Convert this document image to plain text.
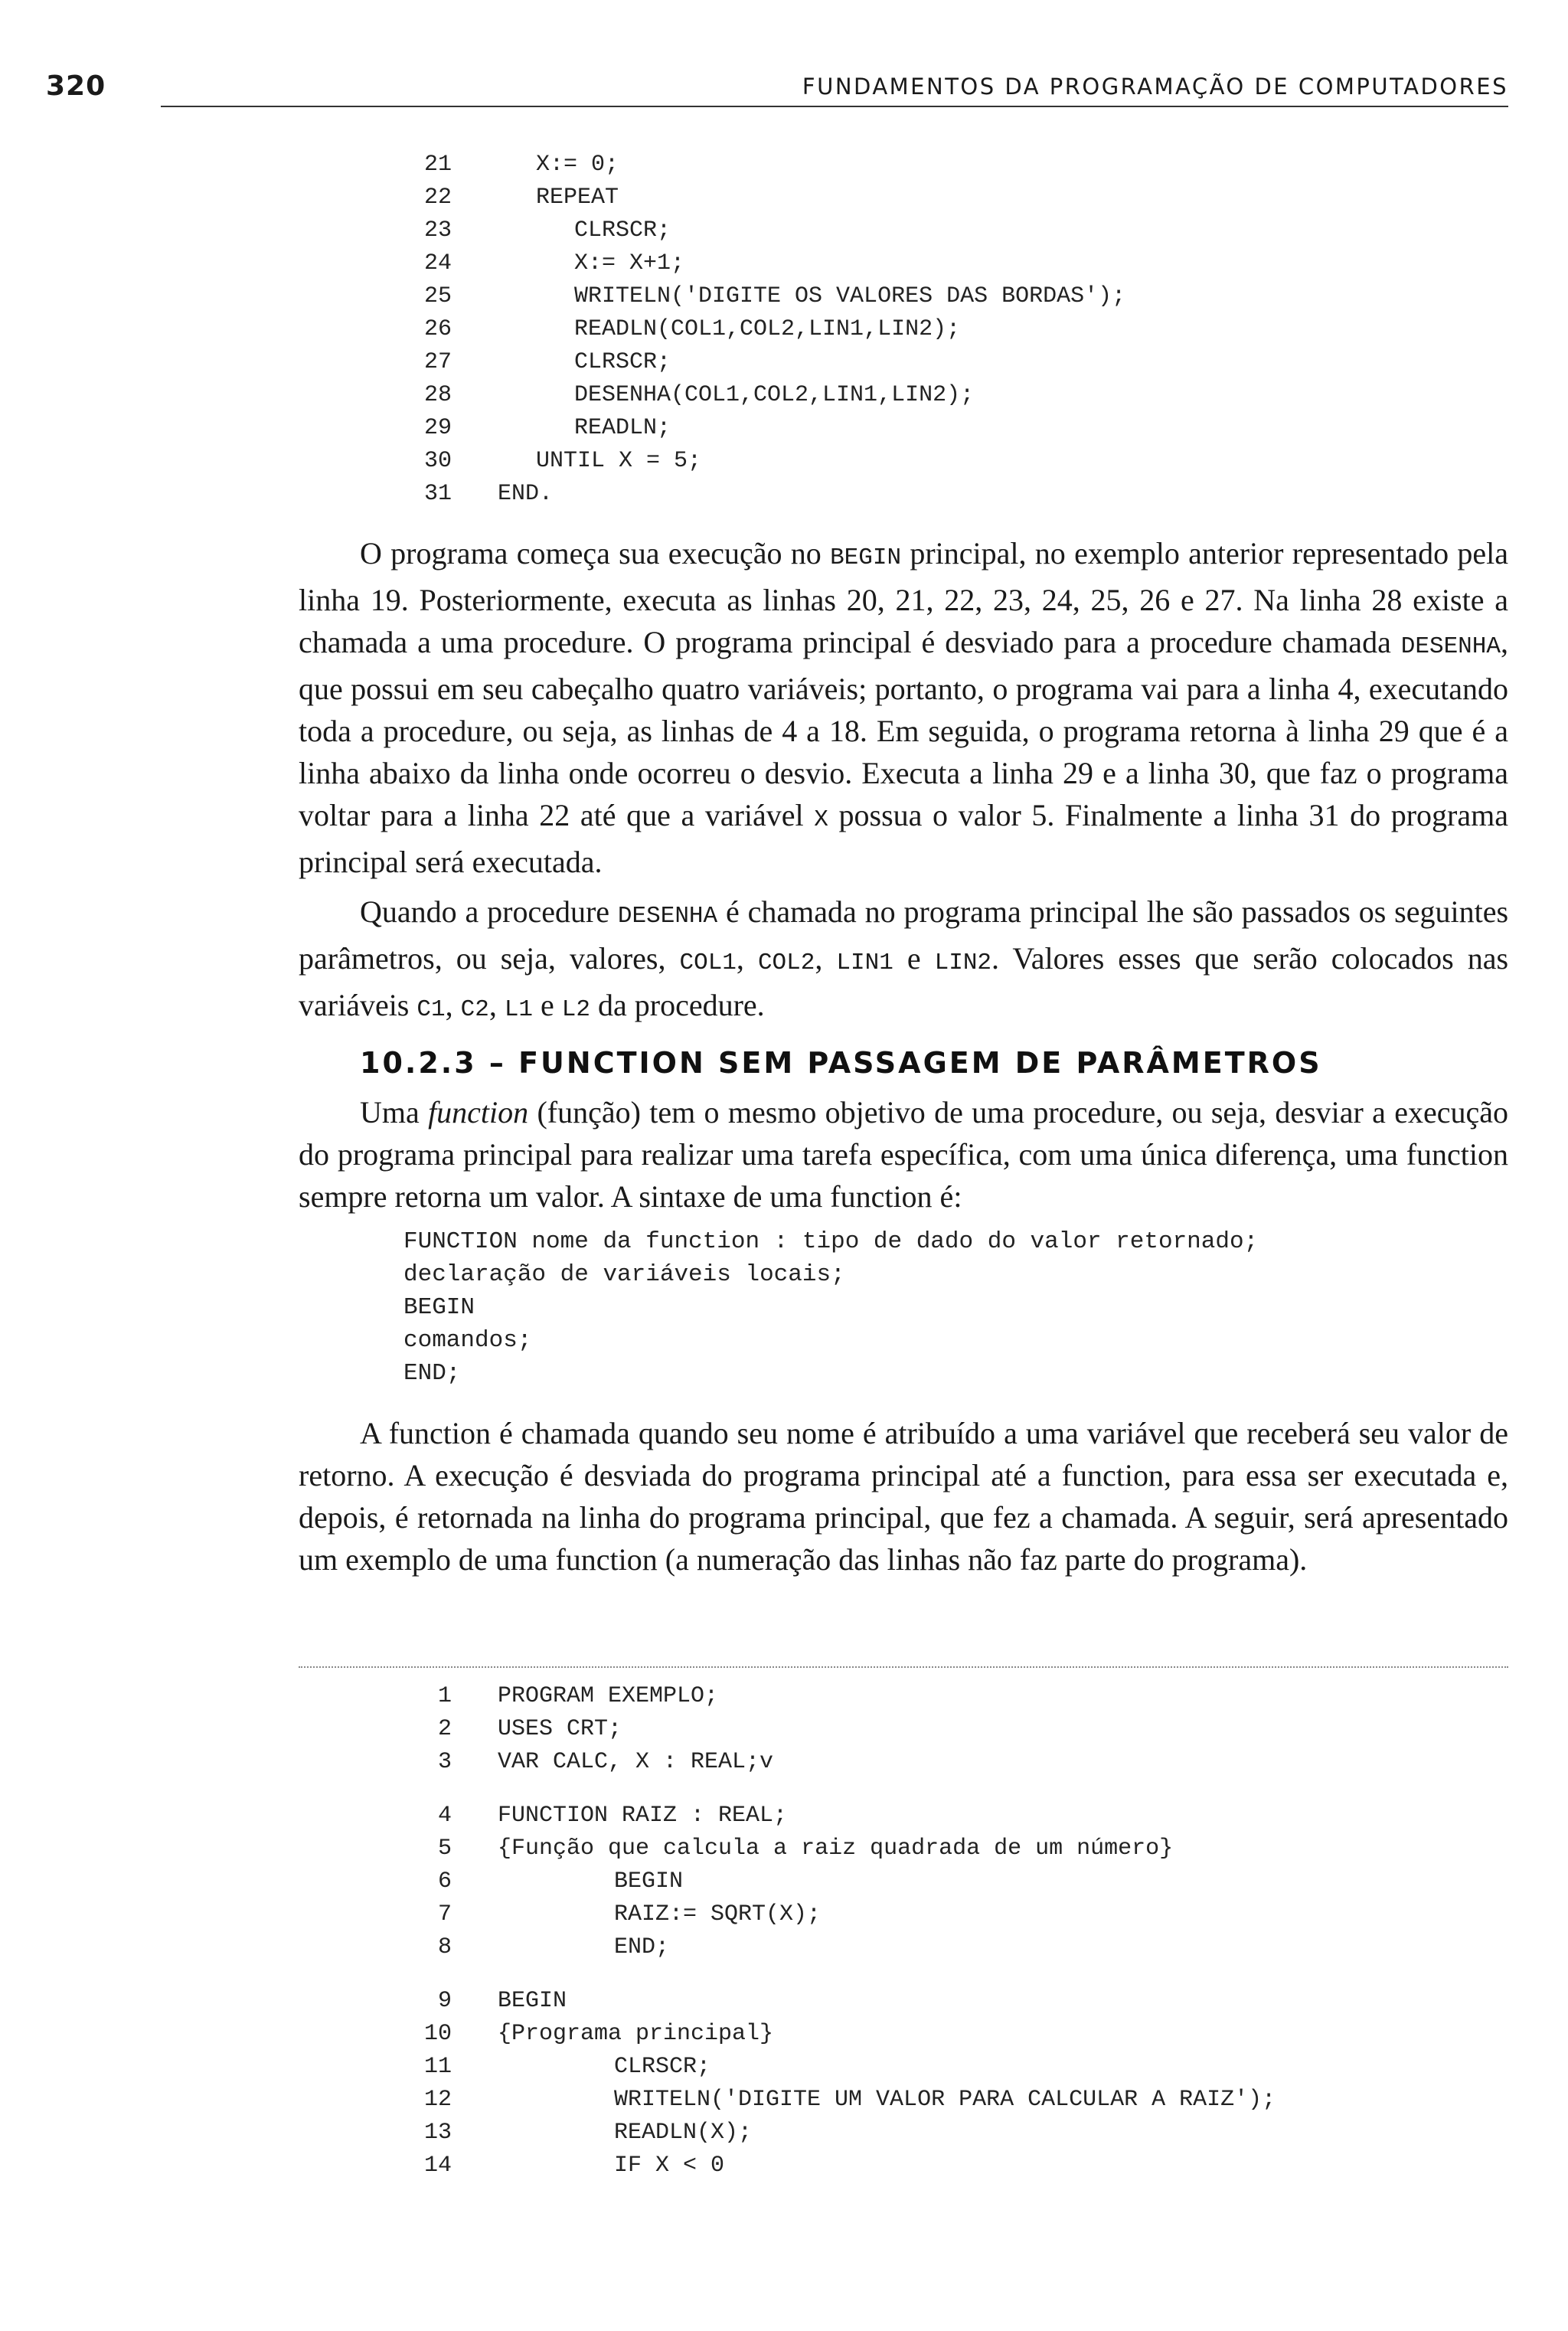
320	FUNDAMENTOS DA PROGRAMAÇÃO DE COMPUTADORES
21	X:= 0;
22	REPEAT
23	CLRSCR;
24	X:= X+1;
25	WRITELN('DIGITE OS VALORES DAS BORDAS');
26	READLN(COL1,COL2,LIN1,LIN2);
27	CLRSCR;
28	DESENHA(COL1,COL2,LIN1,LIN2);
29	READLN;
30	UNTIL X = 5;
31 END.

O programa começa sua execução no BEGIN principal, no exemplo anterior representado pela linha 19. Posteriormente, executa as linhas 20, 21, 22, 23, 24, 25, 26 e 27. Na linha 28 existe a chamada a uma procedure. O programa principal é desviado para a procedure chamada DESENHA, que possui em seu cabeçalho quatro variáveis; portanto, o programa vai para a linha 4, executando toda a procedure, ou seja, as linhas de 4 a 18. Em seguida, o programa retorna à linha 29 que é a linha abaixo da linha onde ocorreu o desvio. Executa a linha 29 e a linha 30, que faz o programa voltar para a linha 22 até que a variável X possua o valor 5. Finalmente a linha 31 do programa principal será executada.

Quando a procedure DESENHA é chamada no programa principal lhe são passados os seguintes parâmetros, ou seja, valores, COL1, COL2, LIN1 e LIN2. Valores esses que serão colocados nas variáveis C1, C2, L1 e L2 da procedure.

10.2.3 – FUNCTION SEM PASSAGEM DE PARÂMETROS

Uma function (função) tem o mesmo objetivo de uma procedure, ou seja, desviar a execução do programa principal para realizar uma tarefa específica, com uma única diferença, uma function sempre retorna um valor. A sintaxe de uma function é:

FUNCTION nome da function : tipo de dado do valor retornado;
declaração de variáveis locais;
BEGIN
comandos;
END;

A function é chamada quando seu nome é atribuído a uma variável que receberá seu valor de retorno. A execução é desviada do programa principal até a function, para essa ser executada e, depois, é retornada na linha do programa principal, que fez a chamada. A seguir, será apresentado um exemplo de uma function (a numeração das linhas não faz parte do programa).

1 PROGRAM EXEMPLO;
2 USES CRT;
3 VAR CALC, X : REAL;v
4 FUNCTION RAIZ : REAL;
5 {Função que calcula a raiz quadrada de um número}
6	BEGIN
7	RAIZ:= SQRT(X);
8	END;
9 BEGIN
10 {Programa principal}
11	CLRSCR;
12	WRITELN('DIGITE UM VALOR PARA CALCULAR A RAIZ');
13	READLN(X);
14	IF X < 0
